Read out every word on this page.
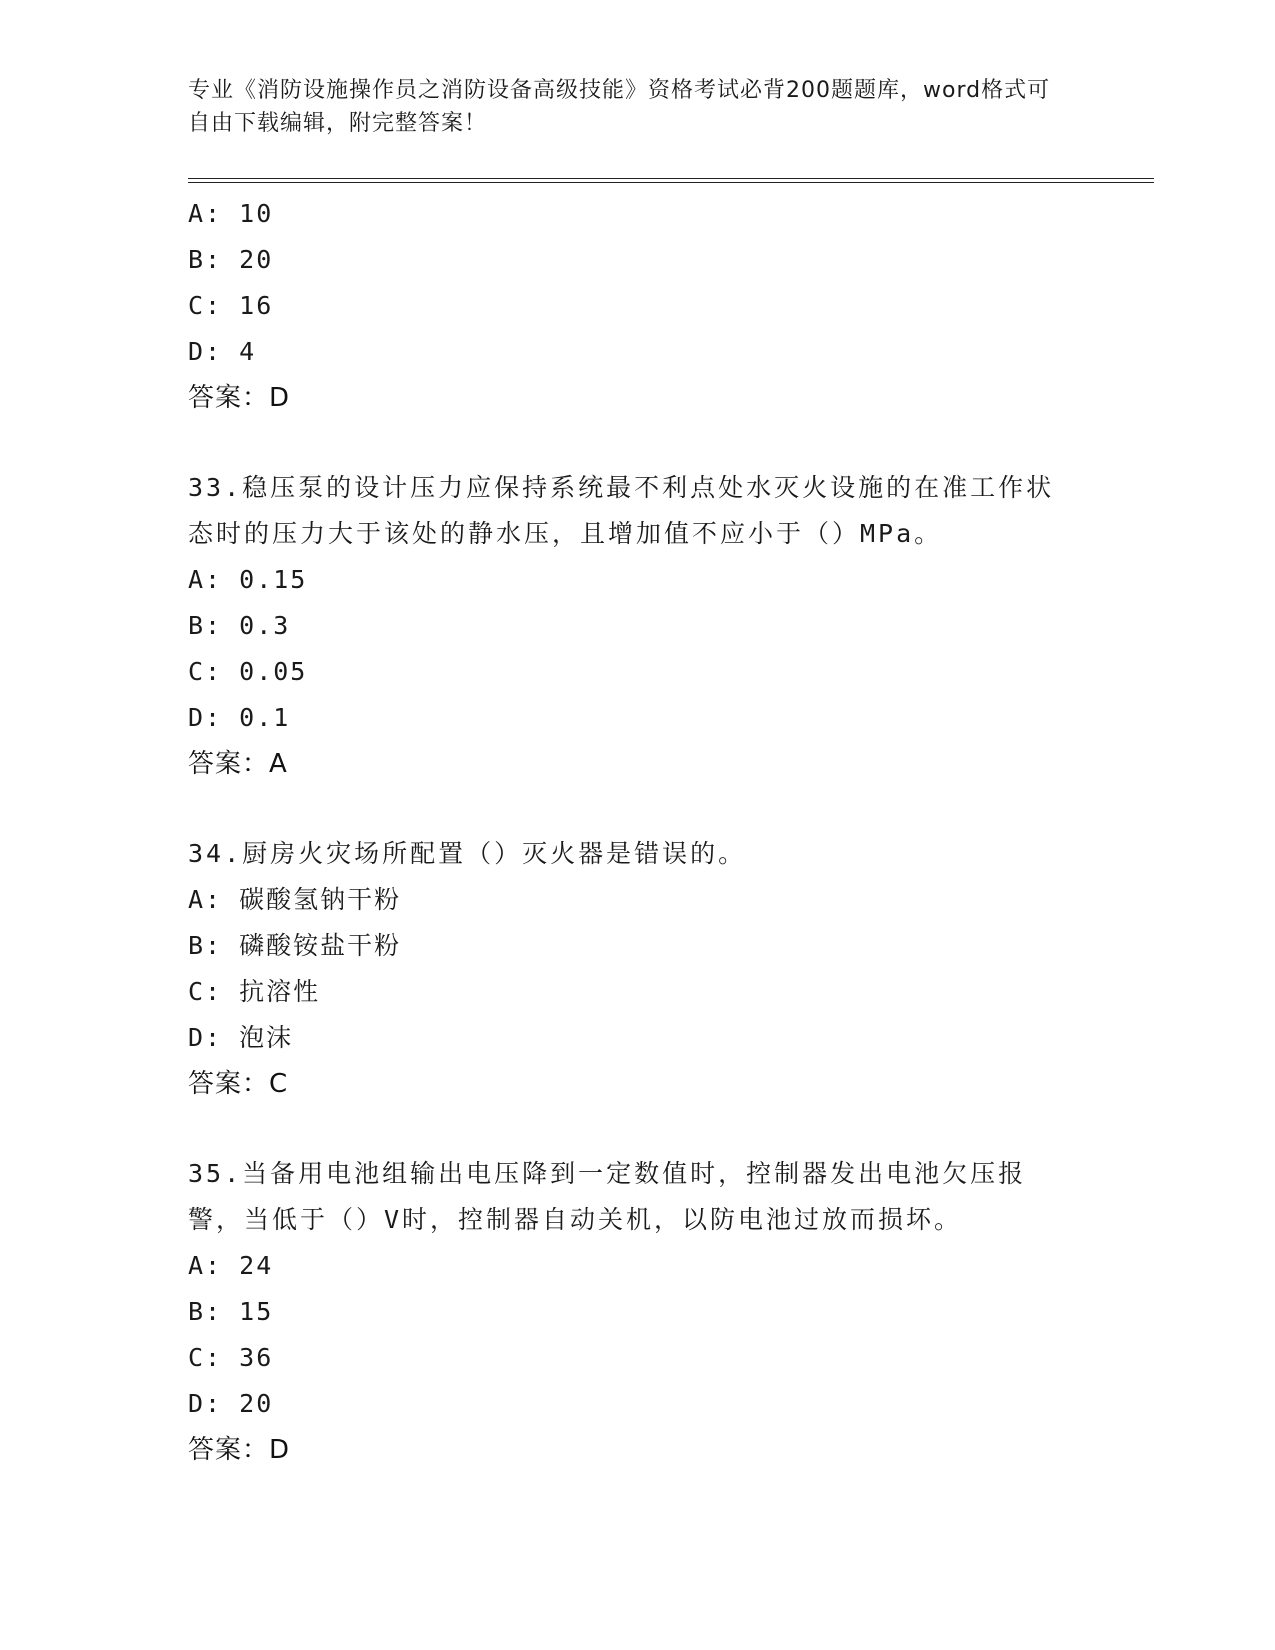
专业《消防设施操作员之消防设备高级技能》资格考试必背200题题库，word格式可自由下载编辑，附完整答案！
A: 10
B: 20
C: 16
D: 4
答案：D
33.稳压泵的设计压力应保持系统最不利点处水灭火设施的在准工作状态时的压力大于该处的静水压，且增加值不应小于（）MPa。
A: 0.15
B: 0.3
C: 0.05
D: 0.1
答案：A
34.厨房火灾场所配置（）灭火器是错误的。
A: 碳酸氢钠干粉
B: 磷酸铵盐干粉
C: 抗溶性
D: 泡沫
答案：C
35.当备用电池组输出电压降到一定数值时，控制器发出电池欠压报警，当低于（）V时，控制器自动关机，以防电池过放而损坏。
A: 24
B: 15
C: 36
D: 20
答案：D
